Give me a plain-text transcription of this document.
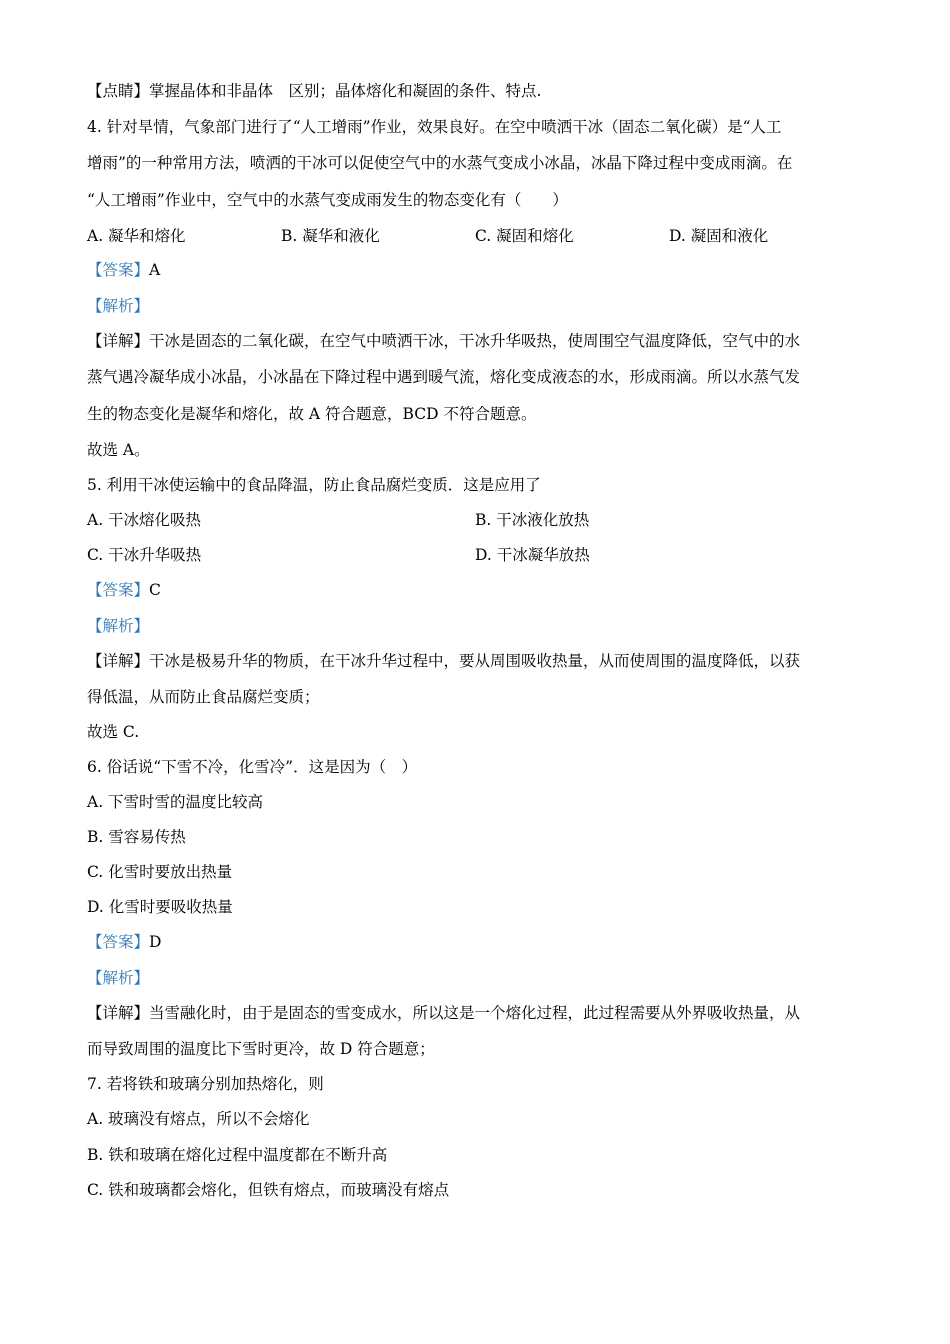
【点睛】掌握晶体和非晶体　区别；晶体熔化和凝固的条件、特点.
4. 针对旱情，气象部门进行了“人工增雨”作业，效果良好。在空中喷洒干冰（固态二氧化碳）是“人工
增雨”的一种常用方法，喷洒的干冰可以促使空气中的水蒸气变成小冰晶，冰晶下降过程中变成雨滴。在
“人工增雨”作业中，空气中的水蒸气变成雨发生的物态变化有（　　）
A. 凝华和熔化	B. 凝华和液化	C. 凝固和熔化	D. 凝固和液化
【答案】A
【解析】
【详解】干冰是固态的二氧化碳，在空气中喷洒干冰，干冰升华吸热，使周围空气温度降低，空气中的水
蒸气遇冷凝华成小冰晶，小冰晶在下降过程中遇到暖气流，熔化变成液态的水，形成雨滴。所以水蒸气发
生的物态变化是凝华和熔化，故 A 符合题意，BCD 不符合题意。
故选 A。
5. 利用干冰使运输中的食品降温，防止食品腐烂变质．这是应用了
A. 干冰熔化吸热	B. 干冰液化放热
C. 干冰升华吸热	D. 干冰凝华放热
【答案】C
【解析】
【详解】干冰是极易升华的物质，在干冰升华过程中，要从周围吸收热量，从而使周围的温度降低，以获
得低温，从而防止食品腐烂变质；
故选 C.
6. 俗话说“下雪不冷，化雪冷”．这是因为（　）
A. 下雪时雪的温度比较高
B. 雪容易传热
C. 化雪时要放出热量
D. 化雪时要吸收热量
【答案】D
【解析】
【详解】当雪融化时，由于是固态的雪变成水，所以这是一个熔化过程，此过程需要从外界吸收热量，从
而导致周围的温度比下雪时更冷，故 D 符合题意；
7. 若将铁和玻璃分别加热熔化，则
A. 玻璃没有熔点，所以不会熔化
B. 铁和玻璃在熔化过程中温度都在不断升高
C. 铁和玻璃都会熔化，但铁有熔点，而玻璃没有熔点
